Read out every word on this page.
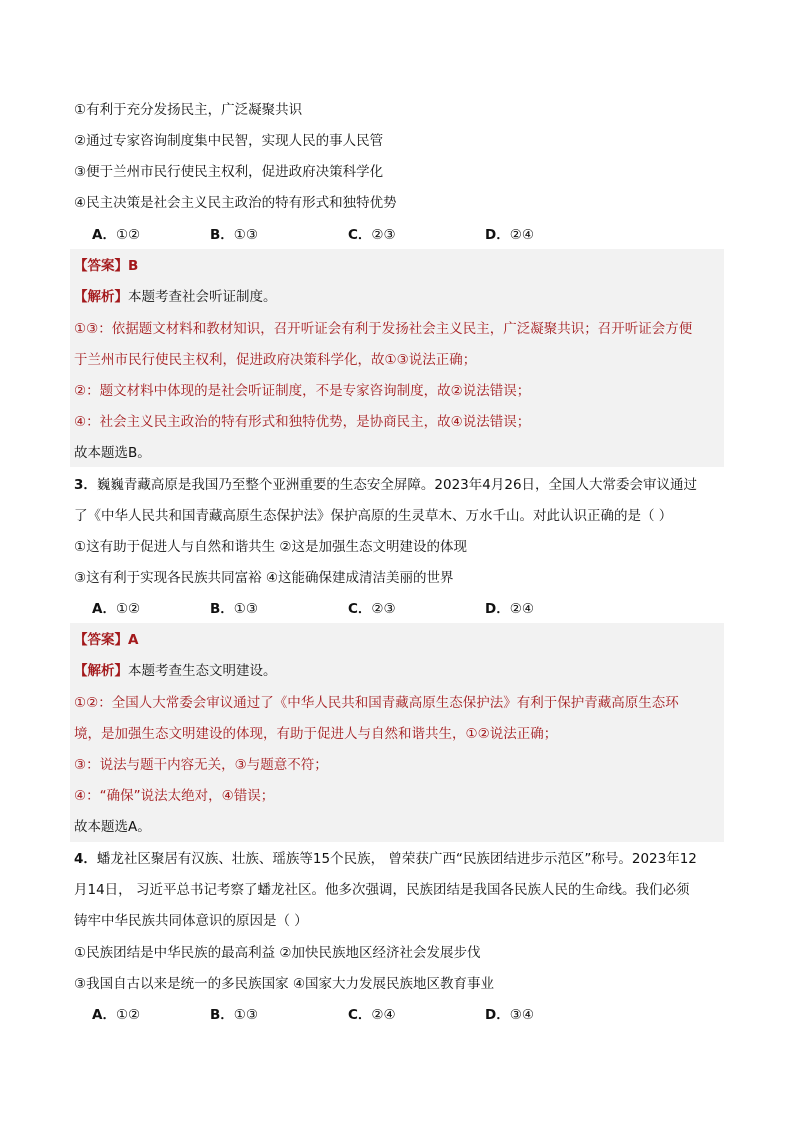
①有利于充分发扬民主，广泛凝聚共识
②通过专家咨询制度集中民智，实现人民的事人民管
③便于兰州市民行使民主权利，促进政府决策科学化
④民主决策是社会主义民主政治的特有形式和独特优势
A．①②	B．①③	C．②③	D．②④
【答案】B
【解析】本题考查社会听证制度。
①③：依据题文材料和教材知识，召开听证会有利于发扬社会主义民主，广泛凝聚共识；召开听证会方便
于兰州市民行使民主权利，促进政府决策科学化，故①③说法正确；
②：题文材料中体现的是社会听证制度，不是专家咨询制度，故②说法错误；
④：社会主义民主政治的特有形式和独特优势，是协商民主，故④说法错误；
故本题选B。
3．巍巍青藏高原是我国乃至整个亚洲重要的生态安全屏障。2023年4月26日，全国人大常委会审议通过
了《中华人民共和国青藏高原生态保护法》保护高原的生灵草木、万水千山。对此认识正确的是（ ）
①这有助于促进人与自然和谐共生 ②这是加强生态文明建设的体现
③这有利于实现各民族共同富裕 ④这能确保建成清洁美丽的世界
A．①②	B．①③	C．②③	D．②④
【答案】A
【解析】本题考查生态文明建设。
①②：全国人大常委会审议通过了《中华人民共和国青藏高原生态保护法》有利于保护青藏高原生态环
境，是加强生态文明建设的体现，有助于促进人与自然和谐共生，①②说法正确；
③：说法与题干内容无关，③与题意不符；
④：“确保”说法太绝对，④错误；
故本题选A。
4．蟠龙社区聚居有汉族、壮族、瑶族等15个民族， 曾荣获广西“民族团结进步示范区”称号。2023年12
月14日， 习近平总书记考察了蟠龙社区。他多次强调，民族团结是我国各民族人民的生命线。我们必须
铸牢中华民族共同体意识的原因是（ ）
①民族团结是中华民族的最高利益 ②加快民族地区经济社会发展步伐
③我国自古以来是统一的多民族国家 ④国家大力发展民族地区教育事业
A．①②	B．①③	C．②④	D．③④
